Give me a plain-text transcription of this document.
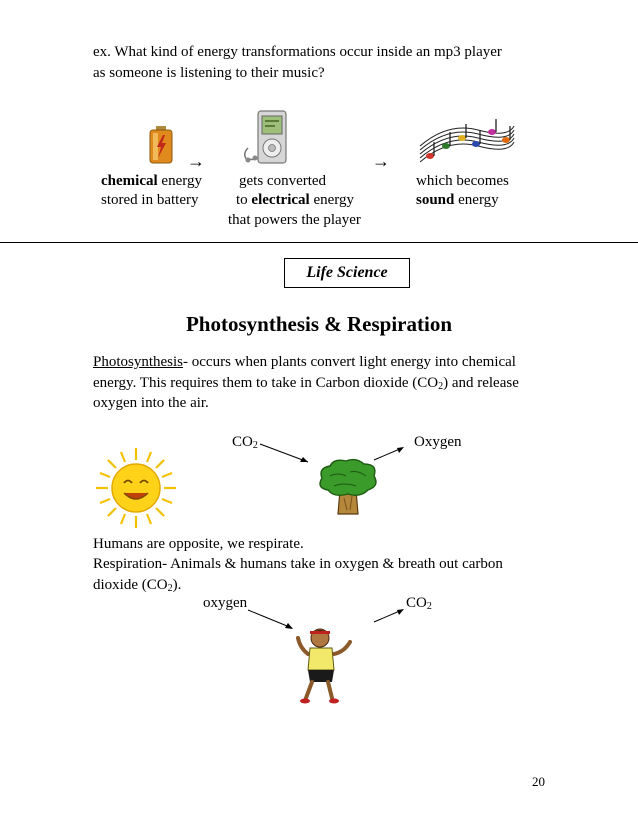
ex. What kind of energy transformations occur inside an mp3 player
as someone is listening to their music?
→	→
chemical energy
stored in battery
gets converted
to electrical energy
that powers the player
which becomes
sound energy
Life Science
Photosynthesis & Respiration
Photosynthesis- occurs when plants convert light energy into chemical energy. This requires them to take in Carbon dioxide $(CO_2)$ and release oxygen into the air.
$CO_2$	Oxygen
Humans are opposite, we respirate.
Respiration- Animals & humans take in oxygen & breath out carbon
dioxide $(CO_2)$.
oxygen	$CO_2$
20
